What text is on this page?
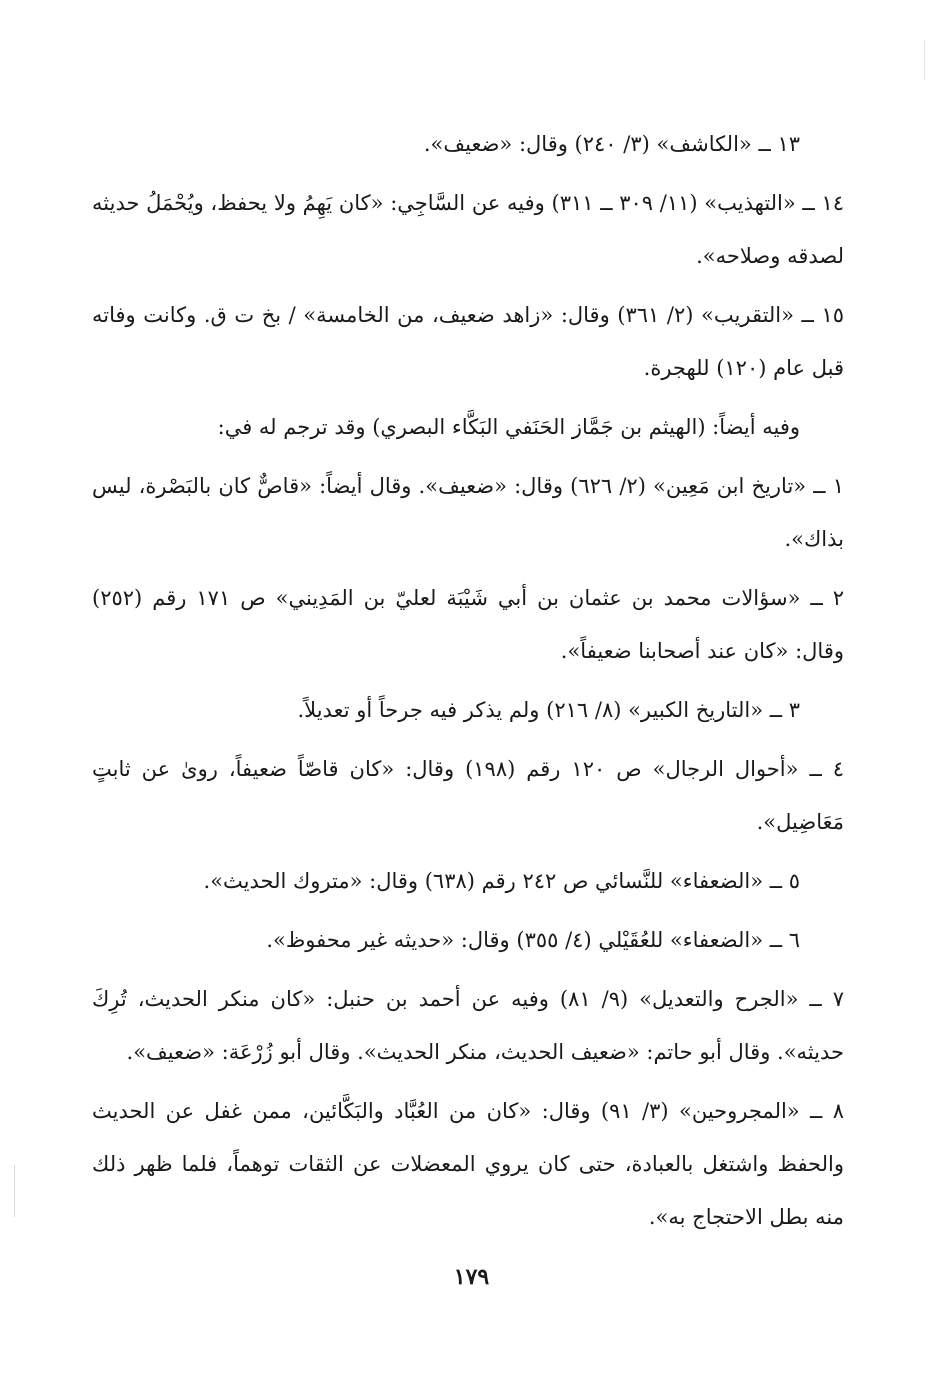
١٣ ــ «الكاشف» (٣/ ٢٤٠) وقال: «ضعيف».

١٤ ــ «التهذيب» (١١/ ٣٠٩ ــ ٣١١) وفيه عن السَّاجِي: «كان يَهِمُ ولا يحفظ، ويُحْمَلُ حديثه لصدقه وصلاحه».

١٥ ــ «التقريب» (٢/ ٣٦١) وقال: «زاهد ضعيف، من الخامسة» / بخ ت ق. وكانت وفاته قبل عام (١٢٠) للهجرة.

وفيه أيضاً: (الهيثم بن جَمَّاز الحَنَفي البَكَّاء البصري) وقد ترجم له في:

١ ــ «تاريخ ابن مَعِين» (٢/ ٦٢٦) وقال: «ضعيف». وقال أيضاً: «قاصٌّ كان بالبَصْرة، ليس بذاك».

٢ ــ «سؤالات محمد بن عثمان بن أبي شَيْبَة لعليّ بن المَدِيني» ص ١٧١ رقم (٢٥٢) وقال: «كان عند أصحابنا ضعيفاً».

٣ ــ «التاريخ الكبير» (٨/ ٢١٦) ولم يذكر فيه جرحاً أو تعديلاً.

٤ ــ «أحوال الرجال» ص ١٢٠ رقم (١٩٨) وقال: «كان قاصّاً ضعيفاً، روىٰ عن ثابتٍ مَعَاضِيل».

٥ ــ «الضعفاء» للنَّسائي ص ٢٤٢ رقم (٦٣٨) وقال: «متروك الحديث».

٦ ــ «الضعفاء» للعُقَيْلي (٤/ ٣٥٥) وقال: «حديثه غير محفوظ».

٧ ــ «الجرح والتعديل» (٩/ ٨١) وفيه عن أحمد بن حنبل: «كان منكر الحديث، تُرِكَ حديثه». وقال أبو حاتم: «ضعيف الحديث، منكر الحديث». وقال أبو زُرْعَة: «ضعيف».

٨ ــ «المجروحين» (٣/ ٩١) وقال: «كان من العُبَّاد والبَكَّائين، ممن غفل عن الحديث والحفظ واشتغل بالعبادة، حتى كان يروي المعضلات عن الثقات توهماً، فلما ظهر ذلك منه بطل الاحتجاج به».

١٧٩
